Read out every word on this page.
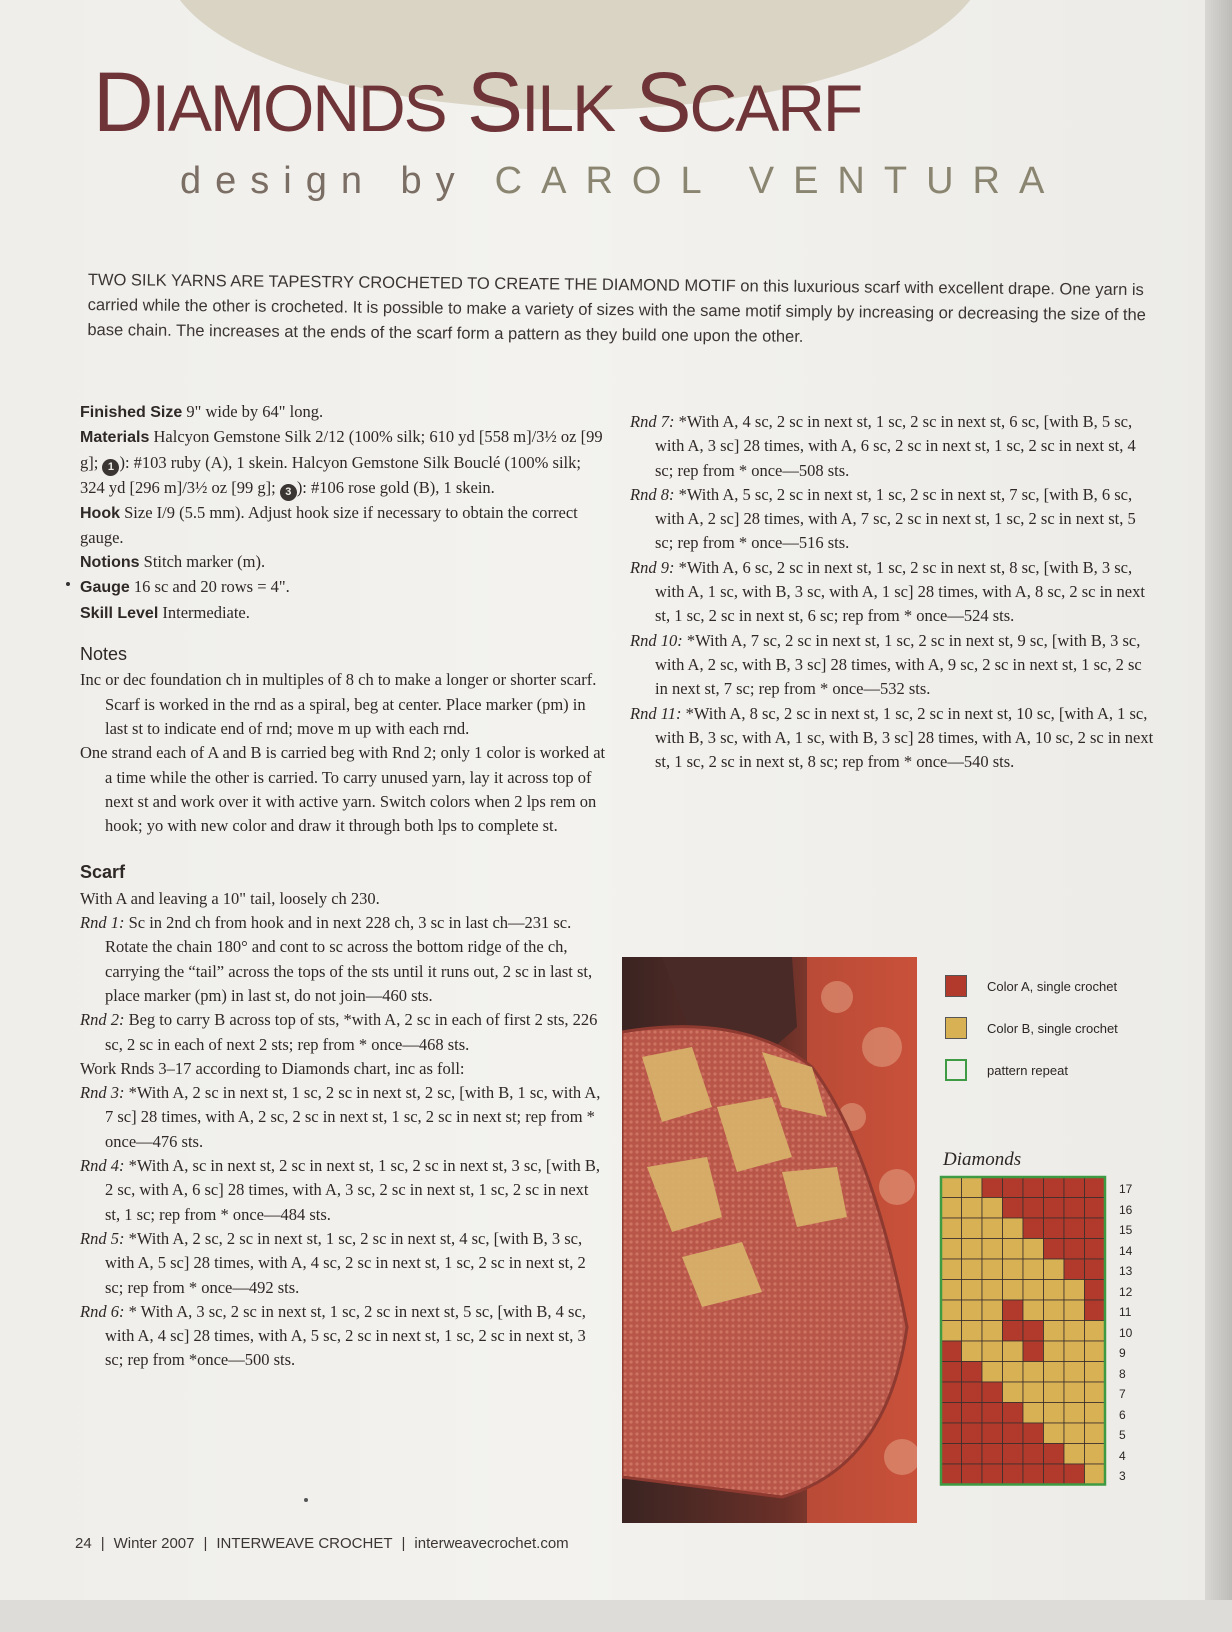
DIAMONDS SILK SCARF
design by CAROL VENTURA
TWO SILK YARNS ARE TAPESTRY CROCHETED TO CREATE THE DIAMOND MOTIF on this luxurious scarf with excellent drape. One yarn is carried while the other is crocheted. It is possible to make a variety of sizes with the same motif simply by increasing or decreasing the size of the base chain. The increases at the ends of the scarf form a pattern as they build one upon the other.

Finished Size 9" wide by 64" long.

Materials Halcyon Gemstone Silk 2/12 (100% silk; 610 yd [558 m]/3½ oz [99 g]; 1 ): #103 ruby (A), 1 skein. Halcyon Gemstone Silk Bouclé (100% silk; 324 yd [296 m]/3½ oz [99 g]; 3 ): #106 rose gold (B), 1 skein.

Hook Size I/9 (5.5 mm). Adjust hook size if necessary to obtain the correct gauge.

Notions Stitch marker (m).

Gauge 16 sc and 20 rows = 4".

Skill Level Intermediate.

Notes

Inc or dec foundation ch in multiples of 8 ch to make a longer or shorter scarf. Scarf is worked in the rnd as a spiral, beg at center. Place marker (pm) in last st to indicate end of rnd; move m up with each rnd.

One strand each of A and B is carried beg with Rnd 2; only 1 color is worked at a time while the other is carried. To carry unused yarn, lay it across top of next st and work over it with active yarn. Switch colors when 2 lps rem on hook; yo with new color and draw it through both lps to complete st.

Scarf

With A and leaving a 10" tail, loosely ch 230.

Rnd 1: Sc in 2nd ch from hook and in next 228 ch, 3 sc in last ch—231 sc. Rotate the chain 180° and cont to sc across the bottom ridge of the ch, carrying the “tail” across the tops of the sts until it runs out, 2 sc in last st, place marker (pm) in last st, do not join—460 sts.

Rnd 2: Beg to carry B across top of sts, *with A, 2 sc in each of first 2 sts, 226 sc, 2 sc in each of next 2 sts; rep from * once—468 sts.

Work Rnds 3–17 according to Diamonds chart, inc as foll:

Rnd 3: *With A, 2 sc in next st, 1 sc, 2 sc in next st, 2 sc, [with B, 1 sc, with A, 7 sc] 28 times, with A, 2 sc, 2 sc in next st, 1 sc, 2 sc in next st; rep from * once—476 sts.

Rnd 4: *With A, sc in next st, 2 sc in next st, 1 sc, 2 sc in next st, 3 sc, [with B, 2 sc, with A, 6 sc] 28 times, with A, 3 sc, 2 sc in next st, 1 sc, 2 sc in next st, 1 sc; rep from * once—484 sts.

Rnd 5: *With A, 2 sc, 2 sc in next st, 1 sc, 2 sc in next st, 4 sc, [with B, 3 sc, with A, 5 sc] 28 times, with A, 4 sc, 2 sc in next st, 1 sc, 2 sc in next st, 2 sc; rep from * once—492 sts.

Rnd 6: * With A, 3 sc, 2 sc in next st, 1 sc, 2 sc in next st, 5 sc, [with B, 4 sc, with A, 4 sc] 28 times, with A, 5 sc, 2 sc in next st, 1 sc, 2 sc in next st, 3 sc; rep from *once—500 sts.

Rnd 7: *With A, 4 sc, 2 sc in next st, 1 sc, 2 sc in next st, 6 sc, [with B, 5 sc, with A, 3 sc] 28 times, with A, 6 sc, 2 sc in next st, 1 sc, 2 sc in next st, 4 sc; rep from * once—508 sts.

Rnd 8: *With A, 5 sc, 2 sc in next st, 1 sc, 2 sc in next st, 7 sc, [with B, 6 sc, with A, 2 sc] 28 times, with A, 7 sc, 2 sc in next st, 1 sc, 2 sc in next st, 5 sc; rep from * once—516 sts.

Rnd 9: *With A, 6 sc, 2 sc in next st, 1 sc, 2 sc in next st, 8 sc, [with B, 3 sc, with A, 1 sc, with B, 3 sc, with A, 1 sc] 28 times, with A, 8 sc, 2 sc in next st, 1 sc, 2 sc in next st, 6 sc; rep from * once—524 sts.

Rnd 10: *With A, 7 sc, 2 sc in next st, 1 sc, 2 sc in next st, 9 sc, [with B, 3 sc, with A, 2 sc, with B, 3 sc] 28 times, with A, 9 sc, 2 sc in next st, 1 sc, 2 sc in next st, 7 sc; rep from * once—532 sts.

Rnd 11: *With A, 8 sc, 2 sc in next st, 1 sc, 2 sc in next st, 10 sc, [with A, 1 sc, with B, 3 sc, with A, 1 sc, with B, 3 sc] 28 times, with A, 10 sc, 2 sc in next st, 1 sc, 2 sc in next st, 8 sc; rep from * once—540 sts.

Color A, single crochet
Color B, single crochet
pattern repeat
Diamonds
17
16
15
14
13
12
11
10
9
8
7
6
5
4
3
24 | Winter 2007 | INTERWEAVE CROCHET | interweavecrochet.com
